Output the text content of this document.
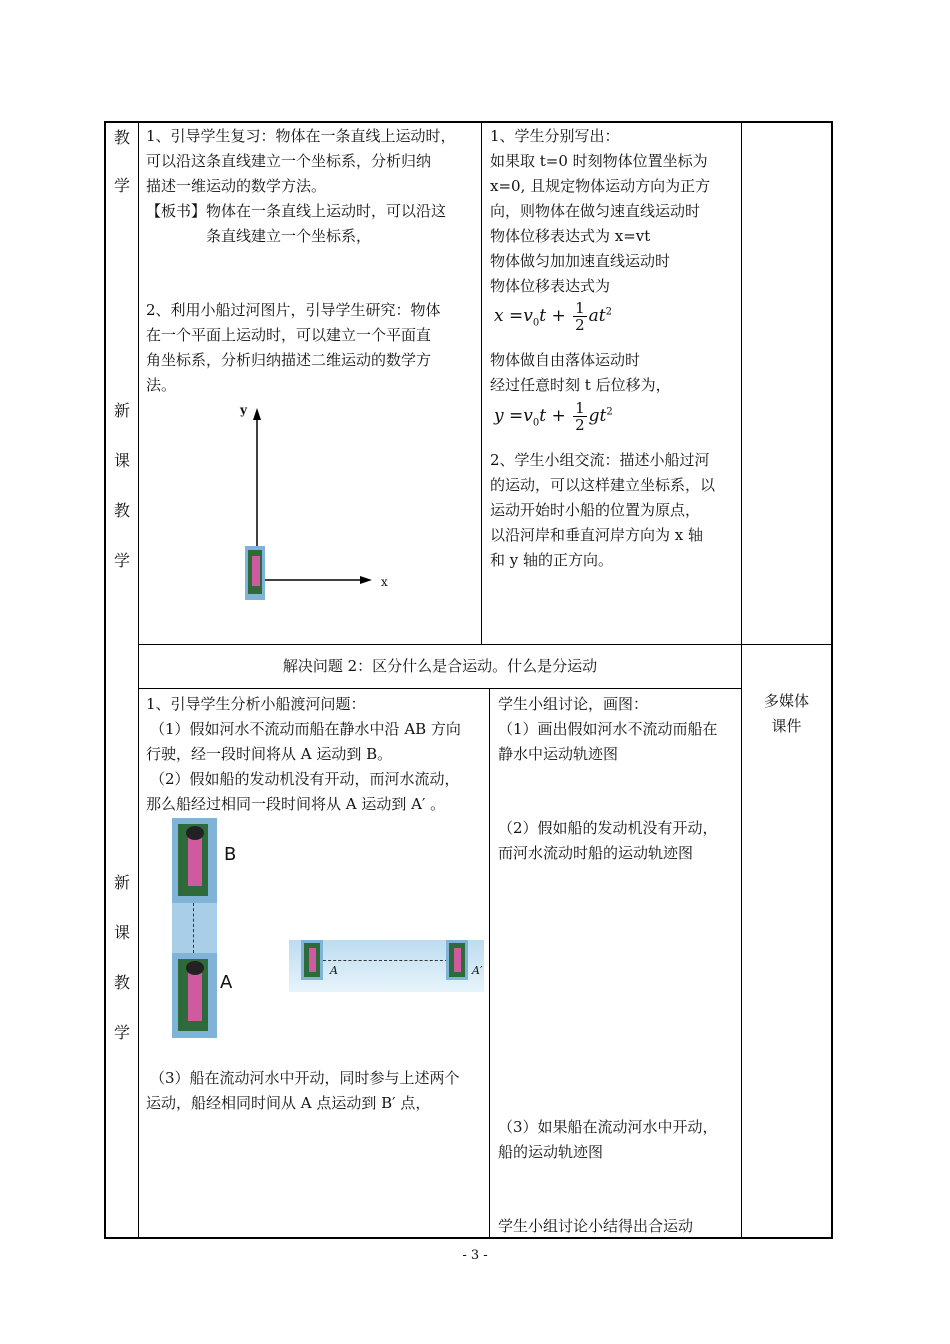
教
学
新
课
教
学
新
课
教
学
1、引导学生复习：物体在一条直线上运动时，
可以沿这条直线建立一个坐标系，分析归纳
描述一维运动的数学方法。
【板书】物体在一条直线上运动时，可以沿这
条直线建立一个坐标系，
2、利用小船过河图片，引导学生研究：物体
在一个平面上运动时，可以建立一个平面直
角坐标系，分析归纳描述二维运动的数学方
法。
y
x
1、学生分别写出：
如果取 t=0 时刻物体位置坐标为
x=0, 且规定物体运动方向为正方
向，则物体在做匀速直线运动时
物体位移表达式为 x=vt
物体做匀加加速直线运动时
物体位移表达式为
$x =v_0t + \frac{1}{2} at^2$
物体做自由落体运动时
经过任意时刻 t 后位移为，
$y =v_0t + \frac{1}{2} gt^2$
2、学生小组交流：描述小船过河
的运动，可以这样建立坐标系，以
运动开始时小船的位置为原点，
以沿河岸和垂直河岸方向为 x 轴
和 y 轴的正方向。
解决问题 2：区分什么是合运动。什么是分运动
多媒体
课件
1、引导学生分析小船渡河问题：
（1）假如河水不流动而船在静水中沿 AB 方向
行驶，经一段时间将从 A 运动到 B。
（2）假如船的发动机没有开动，而河水流动，
那么船经过相同一段时间将从 A 运动到 A′ 。
B
A
A	A′
（3）船在流动河水中开动，同时参与上述两个
运动，船经相同时间从 A 点运动到 B′ 点，
学生小组讨论，画图：
（1）画出假如河水不流动而船在
静水中运动轨迹图
（2）假如船的发动机没有开动，
而河水流动时船的运动轨迹图
（3）如果船在流动河水中开动，
船的运动轨迹图
学生小组讨论小结得出合运动
- 3 -
